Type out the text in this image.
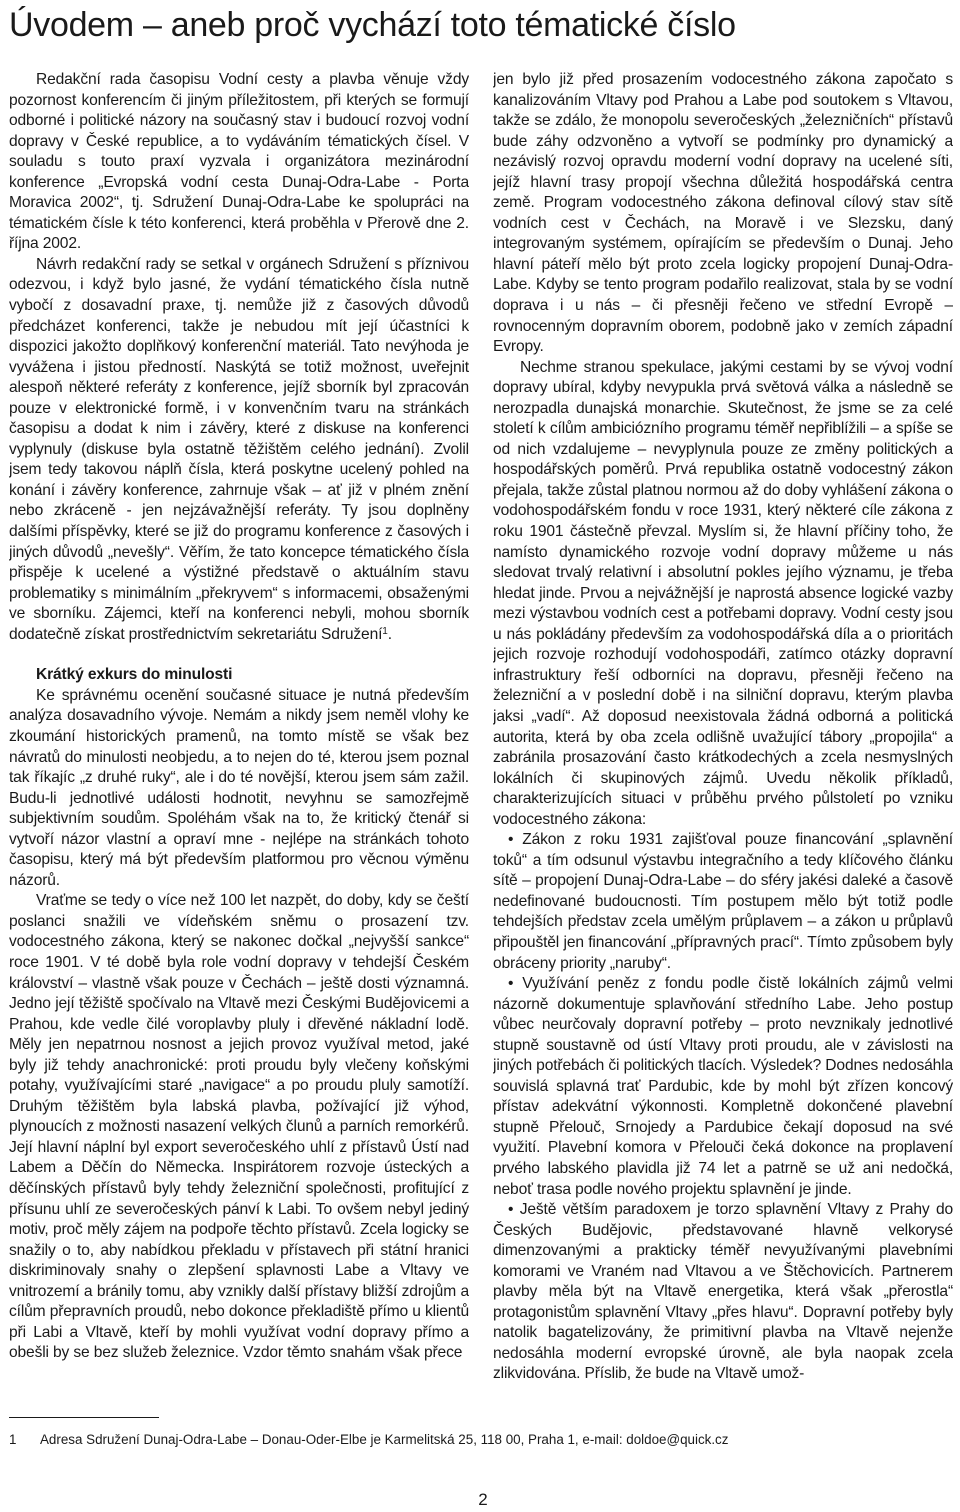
Úvodem – aneb proč vychází toto tématické číslo

Redakční rada časopisu Vodní cesty a plavba věnuje vždy pozornost konferencím či jiným příležitostem, při kterých se formují odborné i politické názory na současný stav i budoucí rozvoj vodní dopravy v České republice, a to vydáváním tématických čísel. V souladu s touto praxí vyzvala i organizátora mezinárodní konference „Evropská vodní cesta Dunaj-Odra-Labe - Porta Moravica 2002“, tj. Sdružení Dunaj-Odra-Labe ke spolupráci na tématickém čísle k této konferenci, která proběhla v Přerově dne 2. října 2002.

Návrh redakční rady se setkal v orgánech Sdružení s příznivou odezvou, i když bylo jasné, že vydání tématického čísla nutně vybočí z dosavadní praxe, tj. nemůže již z časových důvodů předcházet konferenci, takže je nebudou mít její účastníci k dispozici jakožto doplňkový konferenční materiál. Tato nevýhoda je vyvážena i jistou předností. Naskýtá se totiž možnost, uveřejnit alespoň některé referáty z konference, jejíž sborník byl zpracován pouze v elektronické formě, i v konvenčním tvaru na stránkách časopisu a dodat k nim i závěry, které z diskuse na konferenci vyplynuly (diskuse byla ostatně těžištěm celého jednání). Zvolil jsem tedy takovou náplň čísla, která poskytne ucelený pohled na konání i závěry konference, zahrnuje však – ať již v plném znění nebo zkráceně - jen nejzávažnější referáty. Ty jsou doplněny dalšími příspěvky, které se již do programu konference z časových i jiných důvodů „nevešly“. Věřím, že tato koncepce tématického čísla přispěje k ucelené a výstižné představě o aktuálním stavu problematiky s minimálním „překryvem“ s informacemi, obsaženými ve sborníku. Zájemci, kteří na konferenci nebyli, mohou sborník dodatečně získat prostřednictvím sekretariátu Sdružení$^1$.

Krátký exkurs do minulosti

Ke správnému ocenění současné situace je nutná především analýza dosavadního vývoje. Nemám a nikdy jsem neměl vlohy ke zkoumání historických pramenů, na tomto místě se však bez návratů do minulosti neobjedu, a to nejen do té, kterou jsem poznal tak říkajíc „z druhé ruky“, ale i do té novější, kterou jsem sám zažil. Budu-li jednotlivé události hodnotit, nevyhnu se samozřejmě subjektivním soudům. Spoléhám však na to, že kritický čtenář si vytvoří názor vlastní a opraví mne - nejlépe na stránkách tohoto časopisu, který má být především platformou pro věcnou výměnu názorů.

Vraťme se tedy o více než 100 let nazpět, do doby, kdy se čeští poslanci snažili ve vídeňském sněmu o prosazení tzv. vodocestného zákona, který se nakonec dočkal „nejvyšší sankce“ roce 1901. V té době byla role vodní dopravy v tehdejší Českém království – vlastně však pouze v Čechách – ještě dosti významná. Jedno její těžiště spočívalo na Vltavě mezi Českými Budějovicemi a Prahou, kde vedle čilé voroplavby pluly i dřevěné nákladní lodě. Měly jen nepatrnou nosnost a jejich provoz využíval metod, jaké byly již tehdy anachronické: proti proudu byly vlečeny koňskými potahy, využívajícími staré „navigace“ a po proudu pluly samotíží. Druhým těžištěm byla labská plavba, požívající již výhod, plynoucích z možnosti nasazení velkých člunů a parních remorkérů. Její hlavní náplní byl export severočeského uhlí z přístavů Ústí nad Labem a Děčín do Německa. Inspirátorem rozvoje ústeckých a děčínských přístavů byly tehdy železniční společnosti, profitující z přísunu uhlí ze severočeských pánví k Labi. To ovšem nebyl jediný motiv, proč měly zájem na podpoře těchto přístavů. Zcela logicky se snažily o to, aby nabídkou překladu v přístavech při státní hranici diskriminovaly snahy o zlepšení splavnosti Labe a Vltavy ve vnitrozemí a bránily tomu, aby vznikly další přístavy bližší zdrojům a cílům přepravních proudů, nebo dokonce překladiště přímo u klientů při Labi a Vltavě, kteří by mohli využívat vodní dopravy přímo a obešli by se bez služeb železnice. Vzdor těmto snahám však přece

jen bylo již před prosazením vodocestného zákona započato s kanalizováním Vltavy pod Prahou a Labe pod soutokem s Vltavou, takže se zdálo, že monopolu severočeských „železničních“ přístavů bude záhy odzvoněno a vytvoří se podmínky pro dynamický a nezávislý rozvoj opravdu moderní vodní dopravy na ucelené síti, jejíž hlavní trasy propojí všechna důležitá hospodářská centra země. Program vodocestného zákona definoval cílový stav sítě vodních cest v Čechách, na Moravě i ve Slezsku, daný integrovaným systémem, opírajícím se především o Dunaj. Jeho hlavní páteří mělo být proto zcela logicky propojení Dunaj-Odra-Labe. Kdyby se tento program podařilo realizovat, stala by se vodní doprava i u nás – či přesněji řečeno ve střední Evropě – rovnocenným dopravním oborem, podobně jako v zemích západní Evropy.

Nechme stranou spekulace, jakými cestami by se vývoj vodní dopravy ubíral, kdyby nevypukla prvá světová válka a následně se nerozpadla dunajská monarchie. Skutečnost, že jsme se za celé století k cílům ambiciózního programu téměř nepřiblížili – a spíše se od nich vzdalujeme – nevyplynula pouze ze změny politických a hospodářských poměrů. Prvá republika ostatně vodocestný zákon přejala, takže zůstal platnou normou až do doby vyhlášení zákona o vodohospodářském fondu v roce 1931, který některé cíle zákona z roku 1901 částečně převzal. Myslím si, že hlavní příčiny toho, že namísto dynamického rozvoje vodní dopravy můžeme u nás sledovat trvalý relativní i absolutní pokles jejího významu, je třeba hledat jinde. Prvou a nejvážnější je naprostá absence logické vazby mezi výstavbou vodních cest a potřebami dopravy. Vodní cesty jsou u nás pokládány především za vodohospodářská díla a o prioritách jejich rozvoje rozhodují vodohospodáři, zatímco otázky dopravní infrastruktury řeší odborníci na dopravu, přesněji řečeno na železniční a v poslední době i na silniční dopravu, kterým plavba jaksi „vadí“. Až doposud neexistovala žádná odborná a politická autorita, která by oba zcela odlišně uvažující tábory „propojila“ a zabránila prosazování často krátkodechých a zcela nesmyslných lokálních či skupinových zájmů. Uvedu několik příkladů, charakterizujících situaci v průběhu prvého půlstoletí po vzniku vodocestného zákona:

• Zákon z roku 1931 zajišťoval pouze financování „splavnění toků“ a tím odsunul výstavbu integračního a tedy klíčového článku sítě – propojení Dunaj-Odra-Labe – do sféry jakési daleké a časově nedefinované budoucnosti. Tím postupem mělo být totiž podle tehdejších představ zcela umělým průplavem – a zákon u průplavů připouštěl jen financování „přípravných prací“. Tímto způsobem byly obráceny priority „naruby“.

• Využívání peněz z fondu podle čistě lokálních zájmů velmi názorně dokumentuje splavňování středního Labe. Jeho postup vůbec neurčovaly dopravní potřeby – proto nevznikaly jednotlivé stupně soustavně od ústí Vltavy proti proudu, ale v závislosti na jiných potřebách či politických tlacích. Výsledek? Dodnes nedosáhla souvislá splavná trať Pardubic, kde by mohl být zřízen koncový přístav adekvátní výkonnosti. Kompletně dokončené plavební stupně Přelouč, Srnojedy a Pardubice čekají doposud na své využití. Plavební komora v Přelouči čeká dokonce na proplavení prvého labského plavidla již 74 let a patrně se už ani nedočká, neboť trasa podle nového projektu splavnění je jinde.

• Ještě větším paradoxem je torzo splavnění Vltavy z Prahy do Českých Budějovic, představované hlavně velkorysé dimenzovanými a prakticky téměř nevyužívanými plavebními komorami ve Vraném nad Vltavou a ve Štěchovicích. Partnerem plavby měla být na Vltavě energetika, která však „přerostla“ protagonistům splavnění Vltavy „přes hlavu“. Dopravní potřeby byly natolik bagatelizovány, že primitivní plavba na Vltavě nejenže nedosáhla moderní evropské úrovně, ale byla naopak zcela zlikvidována. Příslib, že bude na Vltavě umož-

1 Adresa Sdružení Dunaj-Odra-Labe – Donau-Oder-Elbe je Karmelitská 25, 118 00, Praha 1, e-mail: doldoe@quick.cz
2
